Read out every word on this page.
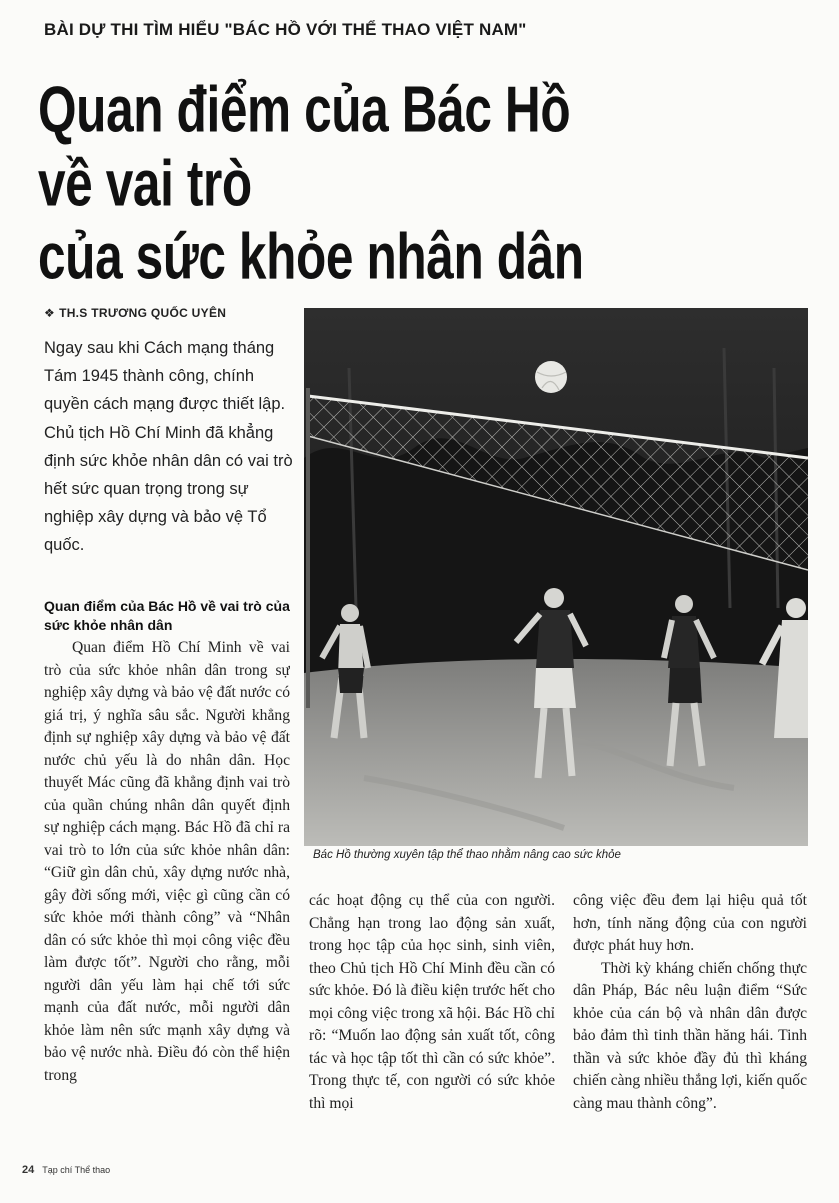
BÀI DỰ THI TÌM HIỂU "BÁC HỒ VỚI THỂ THAO VIỆT NAM"
Quan điểm của Bác Hồ
về vai trò
của sức khỏe nhân dân
❖ TH.S TRƯƠNG QUỐC UYÊN
Ngay sau khi Cách mạng tháng Tám 1945 thành công, chính quyền cách mạng được thiết lập. Chủ tịch Hồ Chí Minh đã khẳng định sức khỏe nhân dân có vai trò hết sức quan trọng trong sự nghiệp xây dựng và bảo vệ Tổ quốc.
Bác Hồ thường xuyên tập thể thao nhằm nâng cao sức khỏe
Quan điểm của Bác Hồ về vai trò của sức khỏe nhân dân

Quan điểm Hồ Chí Minh về vai trò của sức khỏe nhân dân trong sự nghiệp xây dựng và bảo vệ đất nước có giá trị, ý nghĩa sâu sắc. Người khẳng định sự nghiệp xây dựng và bảo vệ đất nước chủ yếu là do nhân dân. Học thuyết Mác cũng đã khẳng định vai trò của quần chúng nhân dân quyết định sự nghiệp cách mạng. Bác Hồ đã chỉ ra vai trò to lớn của sức khỏe nhân dân: “Giữ gìn dân chủ, xây dựng nước nhà, gây đời sống mới, việc gì cũng cần có sức khỏe mới thành công” và “Nhân dân có sức khỏe thì mọi công việc đều làm được tốt”. Người cho rằng, mỗi người dân yếu làm hại chế tới sức mạnh của đất nước, mỗi người dân khỏe làm nên sức mạnh xây dựng và bảo vệ nước nhà. Điều đó còn thể hiện trong

các hoạt động cụ thể của con người. Chẳng hạn trong lao động sản xuất, trong học tập của học sinh, sinh viên, theo Chủ tịch Hồ Chí Minh đều cần có sức khỏe. Đó là điều kiện trước hết cho mọi công việc trong xã hội. Bác Hồ chỉ rõ: “Muốn lao động sản xuất tốt, công tác và học tập tốt thì cần có sức khỏe”. Trong thực tế, con người có sức khỏe thì mọi

công việc đều đem lại hiệu quả tốt hơn, tính năng động của con người được phát huy hơn.

Thời kỳ kháng chiến chống thực dân Pháp, Bác nêu luận điểm “Sức khỏe của cán bộ và nhân dân được bảo đảm thì tinh thần hăng hái. Tinh thần và sức khỏe đầy đủ thì kháng chiến càng nhiều thắng lợi, kiến quốc càng mau thành công”.

24 Tạp chí Thể thao
